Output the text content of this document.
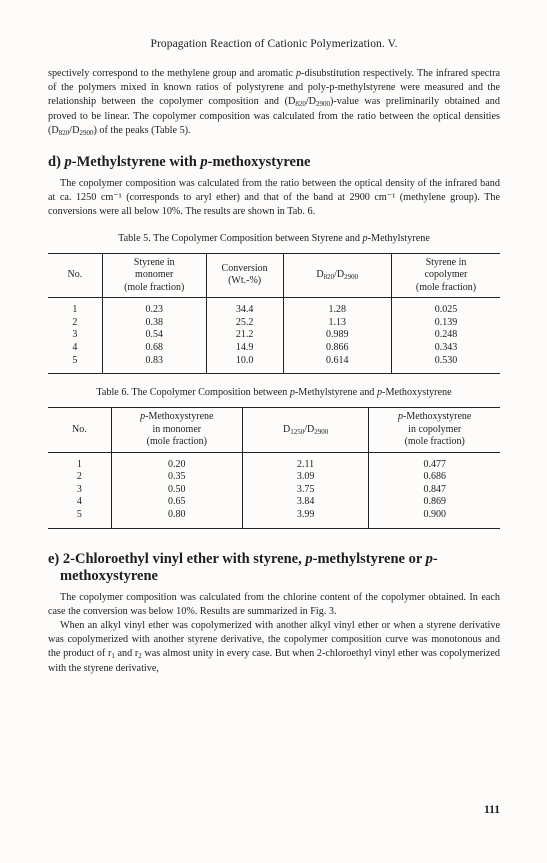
Propagation Reaction of Cationic Polymerization. V.

spectively correspond to the methylene group and aromatic p-disubstitution respectively. The infrared spectra of the polymers mixed in known ratios of polystyrene and poly-p-methylstyrene were measured and the relationship between the copolymer composition and $(D_{820}/D_{2900})$-value was preliminarily obtained and proved to be linear. The copolymer composition was calculated from the ratio between the optical densities $(D_{820}/D_{2900})$ of the peaks (Table 5).

d) p-Methylstyrene with p-methoxystyrene

The copolymer composition was calculated from the ratio between the optical density of the infrared band at ca. 1250 cm⁻¹ (corresponds to aryl ether) and that of the band at 2900 cm⁻¹ (methylene group). The conversions were all below 10%. The results are shown in Tab. 6.

Table 5. The Copolymer Composition between Styrene and p-Methylstyrene
No.	Styrene in
monomer
(mole fraction)	Conversion
(Wt.-%)	$D_{820}/D_{2900}$	Styrene in
copolymer
(mole fraction)
1	0.23	34.4	1.28	0.025
2	0.38	25.2	1.13	0.139
3	0.54	21.2	0.989	0.248
4	0.68	14.9	0.866	0.343
5	0.83	10.0	0.614	0.530
Table 6. The Copolymer Composition between p-Methylstyrene and p-Methoxystyrene
No.	p-Methoxystyrene
in monomer
(mole fraction)	$D_{1250}/D_{2900}$	p-Methoxystyrene
in copolymer
(mole fraction)
1	0.20	2.11	0.477
2	0.35	3.09	0.686
3	0.50	3.75	0.847
4	0.65	3.84	0.869
5	0.80	3.99	0.900
e) 2-Chloroethyl vinyl ether with styrene, p-methylstyrene or p-methoxystyrene

The copolymer composition was calculated from the chlorine content of the copolymer obtained. In each case the conversion was below 10%. Results are summarized in Fig. 3.

When an alkyl vinyl ether was copolymerized with another alkyl vinyl ether or when a styrene derivative was copolymerized with another styrene derivative, the copolymer composition curve was monotonous and the product of $r_1$ and $r_2$ was almost unity in every case. But when 2-chloroethyl vinyl ether was copolymerized with the styrene derivative,

111
